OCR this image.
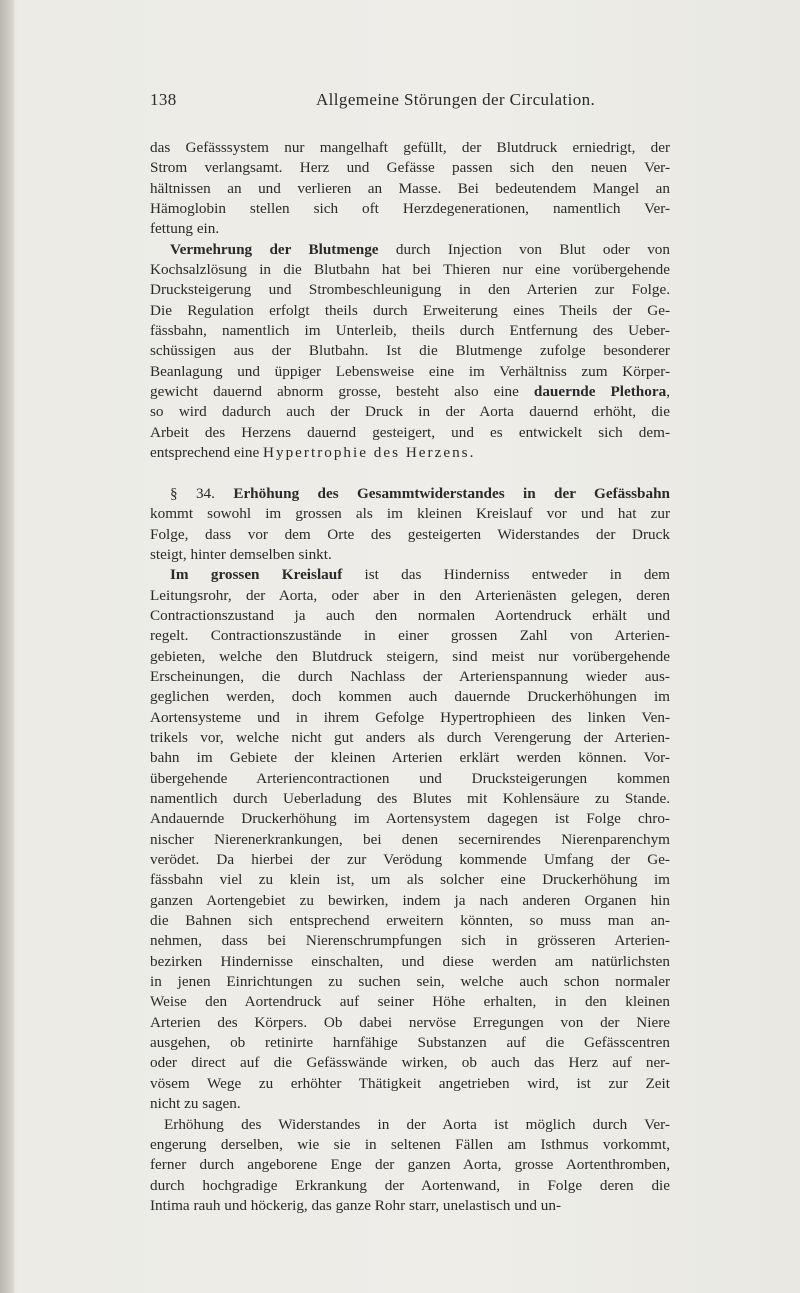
138	Allgemeine Störungen der Circulation.
das Gefässsystem nur mangelhaft gefüllt, der Blutdruck erniedrigt, der
Strom verlangsamt. Herz und Gefässe passen sich den neuen Ver-
hältnissen an und verlieren an Masse. Bei bedeutendem Mangel an
Hämoglobin stellen sich oft Herzdegenerationen, namentlich Ver-
fettung ein.
Vermehrung der Blutmenge durch Injection von Blut oder von
Kochsalzlösung in die Blutbahn hat bei Thieren nur eine vorübergehende
Drucksteigerung und Strombeschleunigung in den Arterien zur Folge.
Die Regulation erfolgt theils durch Erweiterung eines Theils der Ge-
fässbahn, namentlich im Unterleib, theils durch Entfernung des Ueber-
schüssigen aus der Blutbahn. Ist die Blutmenge zufolge besonderer
Beanlagung und üppiger Lebensweise eine im Verhältniss zum Körper-
gewicht dauernd abnorm grosse, besteht also eine dauernde Plethora,
so wird dadurch auch der Druck in der Aorta dauernd erhöht, die
Arbeit des Herzens dauernd gesteigert, und es entwickelt sich dem-
entsprechend eine Hypertrophie des Herzens.
§ 34. Erhöhung des Gesammtwiderstandes in der Gefässbahn
kommt sowohl im grossen als im kleinen Kreislauf vor und hat zur
Folge, dass vor dem Orte des gesteigerten Widerstandes der Druck
steigt, hinter demselben sinkt.
Im grossen Kreislauf ist das Hinderniss entweder in dem
Leitungsrohr, der Aorta, oder aber in den Arterienästen gelegen, deren
Contractionszustand ja auch den normalen Aortendruck erhält und
regelt. Contractionszustände in einer grossen Zahl von Arterien-
gebieten, welche den Blutdruck steigern, sind meist nur vorübergehende
Erscheinungen, die durch Nachlass der Arterienspannung wieder aus-
geglichen werden, doch kommen auch dauernde Druckerhöhungen im
Aortensysteme und in ihrem Gefolge Hypertrophieen des linken Ven-
trikels vor, welche nicht gut anders als durch Verengerung der Arterien-
bahn im Gebiete der kleinen Arterien erklärt werden können. Vor-
übergehende Arteriencontractionen und Drucksteigerungen kommen
namentlich durch Ueberladung des Blutes mit Kohlensäure zu Stande.
Andauernde Druckerhöhung im Aortensystem dagegen ist Folge chro-
nischer Nierenerkrankungen, bei denen secernirendes Nierenparenchym
verödet. Da hierbei der zur Verödung kommende Umfang der Ge-
fässbahn viel zu klein ist, um als solcher eine Druckerhöhung im
ganzen Aortengebiet zu bewirken, indem ja nach anderen Organen hin
die Bahnen sich entsprechend erweitern könnten, so muss man an-
nehmen, dass bei Nierenschrumpfungen sich in grösseren Arterien-
bezirken Hindernisse einschalten, und diese werden am natürlichsten
in jenen Einrichtungen zu suchen sein, welche auch schon normaler
Weise den Aortendruck auf seiner Höhe erhalten, in den kleinen
Arterien des Körpers. Ob dabei nervöse Erregungen von der Niere
ausgehen, ob retinirte harnfähige Substanzen auf die Gefässcentren
oder direct auf die Gefässwände wirken, ob auch das Herz auf ner-
vösem Wege zu erhöhter Thätigkeit angetrieben wird, ist zur Zeit
nicht zu sagen.
Erhöhung des Widerstandes in der Aorta ist möglich durch Ver-
engerung derselben, wie sie in seltenen Fällen am Isthmus vorkommt,
ferner durch angeborene Enge der ganzen Aorta, grosse Aortenthromben,
durch hochgradige Erkrankung der Aortenwand, in Folge deren die
Intima rauh und höckerig, das ganze Rohr starr, unelastisch und un-
